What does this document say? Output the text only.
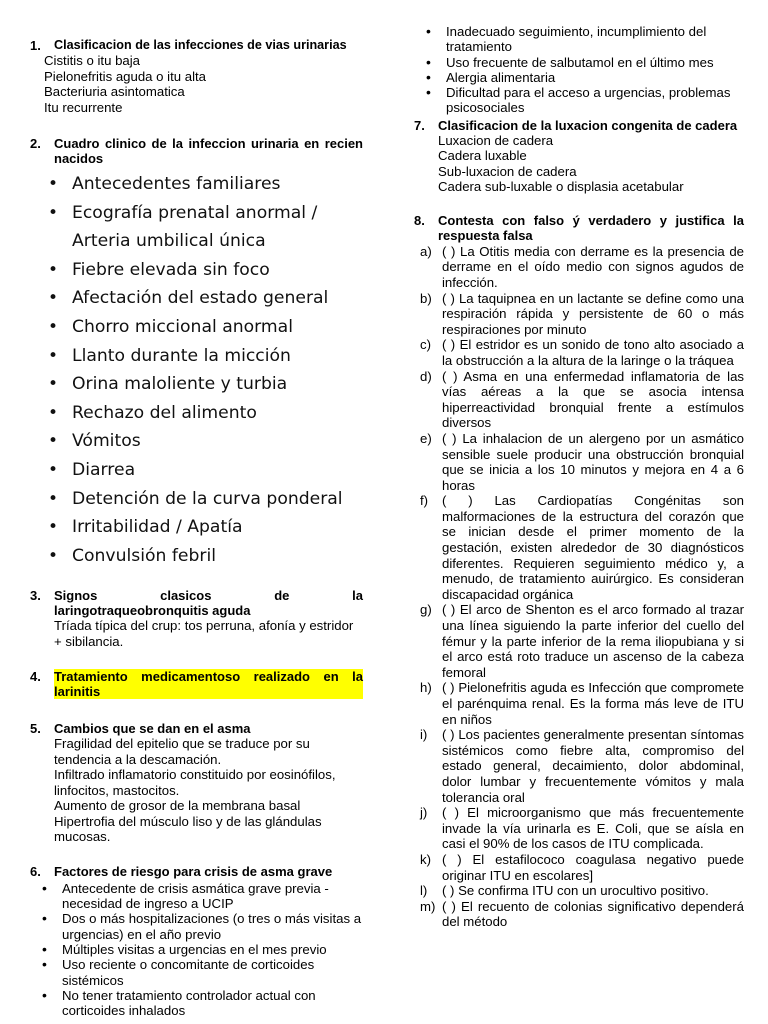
1.	Clasificacion de las infecciones de vias urinarias
Cistitis o itu baja
Pielonefritis aguda o itu alta
Bacteriuria asintomatica
Itu recurrente
2.	Cuadro clinico de la infeccion urinaria en recien nacidos
• Antecedentes familiares
• Ecografía prenatal anormal / Arteria umbilical única
• Fiebre elevada sin foco
• Afectación del estado general
• Chorro miccional anormal
• Llanto durante la micción
• Orina maloliente y turbia
• Rechazo del alimento
• Vómitos
• Diarrea
• Detención de la curva ponderal
• Irritabilidad / Apatía
• Convulsión febril
3.	Signos clasicos de la
laringotraqueobronquitis aguda
Tríada típica del crup: tos perruna, afonía y estridor + sibilancia.
4.	Tratamiento medicamentoso realizado en la larinitis
5.	Cambios que se dan en el asma
Fragilidad del epitelio que se traduce por su tendencia a la descamación.
Infiltrado inflamatorio constituido por eosinófilos, linfocitos, mastocitos.
Aumento de grosor de la membrana basal
Hipertrofia del músculo liso y de las glándulas mucosas.
6.	Factores de riesgo para crisis de asma grave
• Antecedente de crisis asmática grave previa - necesidad de ingreso a UCIP
• Dos o más hospitalizaciones (o tres o más visitas a urgencias) en el año previo
• Múltiples visitas a urgencias en el mes previo
• Uso reciente o concomitante de corticoides sistémicos
• No tener tratamiento controlador actual con corticoides inhalados
• Inadecuado seguimiento, incumplimiento del tratamiento
• Uso frecuente de salbutamol en el último mes
• Alergia alimentaria
• Dificultad para el acceso a urgencias, problemas psicosociales
7.	Clasificacion de la luxacion congenita de cadera
Luxacion de cadera
Cadera luxable
Sub-luxacion de cadera
Cadera sub-luxable o displasia acetabular
8.	Contesta con falso ý verdadero y justifica la respuesta falsa
a) ( ) La Otitis media con derrame es la presencia de derrame en el oído medio con signos agudos de infección.
b) ( ) La taquipnea en un lactante se define como una respiración rápida y persistente de 60 o más respiraciones por minuto
c) ( ) El estridor es un sonido de tono alto asociado a la obstrucción a la altura de la laringe o la tráquea
d) ( ) Asma en una enfermedad inflamatoria de las vías aéreas a la que se asocia intensa hiperreactividad bronquial frente a estímulos diversos
e) ( ) La inhalacion de un alergeno por un asmático sensible suele producir una obstrucción bronquial que se inicia a los 10 minutos y mejora en 4 a 6 horas
f)	( ) Las Cardiopatías Congénitas son malformaciones de la estructura del corazón que se inician desde el primer momento de la gestación, existen alrededor de 30 diagnósticos diferentes. Requieren seguimiento médico y, a menudo, de tratamiento auirúrgico. Es consideran discapacidad orgánica
g) ( ) El arco de Shenton es el arco formado al trazar una línea siguiendo la parte inferior del cuello del fémur y la parte inferior de la rema iliopubiana y si el arco está roto traduce un ascenso de la cabeza femoral
h) ( ) Pielonefritis aguda es Infección que compromete el parénquima renal. Es la forma más leve de ITU en niños
i)	( ) Los pacientes generalmente presentan síntomas sistémicos como fiebre alta, compromiso del estado general, decaimiento, dolor abdominal, dolor lumbar y frecuentemente vómitos y mala tolerancia oral
j)	( ) El microorganismo que más frecuentemente invade la vía urinarla es E. Coli, que se aísla en casi el 90% de los casos de ITU complicada.
k) ( ) El estafilococo coagulasa negativo puede originar ITU en escolares]
l)	( ) Se confirma ITU con un urocultivo positivo.
m) ( ) El recuento de colonias significativo dependerá del método
